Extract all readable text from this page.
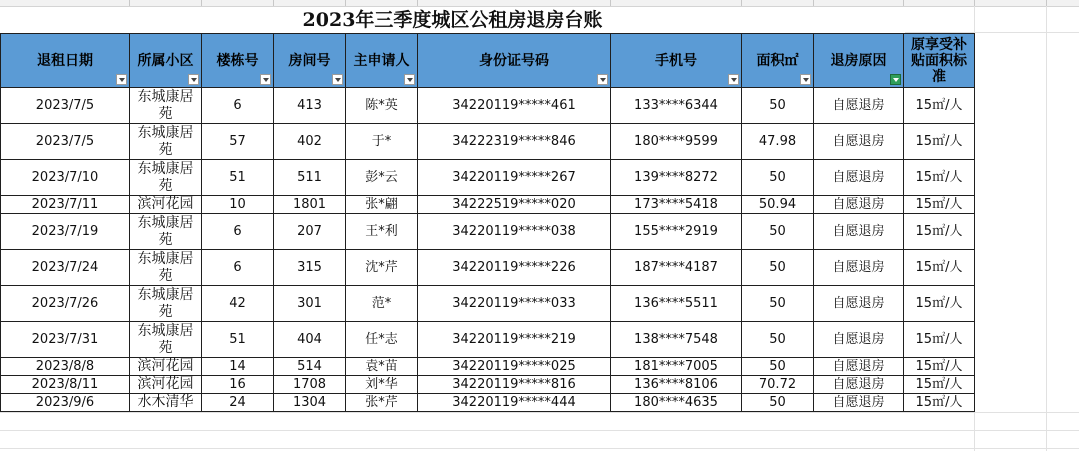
2023年三季度城区公租房退房台账
退租日期	所属小区	楼栋号	房间号	主申请人	身份证号码	手机号	面积㎡	退房原因	原享受补贴面积标准

2023/7/5	东城康居苑	6	413	陈*英	34220119*****461	133****6344	50	自愿退房	15㎡/人
2023/7/5	东城康居苑	57	402	于*	34222319*****846	180****9599	47.98	自愿退房	15㎡/人
2023/7/10	东城康居苑	51	511	彭*云	34220119*****267	139****8272	50	自愿退房	15㎡/人
2023/7/11	滨河花园	10	1801	张*翩	34222519*****020	173****5418	50.94	自愿退房	15㎡/人
2023/7/19	东城康居苑	6	207	王*利	34220119*****038	155****2919	50	自愿退房	15㎡/人
2023/7/24	东城康居苑	6	315	沈*芹	34220119*****226	187****4187	50	自愿退房	15㎡/人
2023/7/26	东城康居苑	42	301	范*	34220119*****033	136****5511	50	自愿退房	15㎡/人
2023/7/31	东城康居苑	51	404	任*志	34220119*****219	138****7548	50	自愿退房	15㎡/人
2023/8/8	滨河花园	14	514	袁*苗	34220119*****025	181****7005	50	自愿退房	15㎡/人
2023/8/11	滨河花园	16	1708	刘*华	34220119*****816	136****8106	70.72	自愿退房	15㎡/人
2023/9/6	水木清华	24	1304	张*芹	34220119*****444	180****4635	50	自愿退房	15㎡/人
